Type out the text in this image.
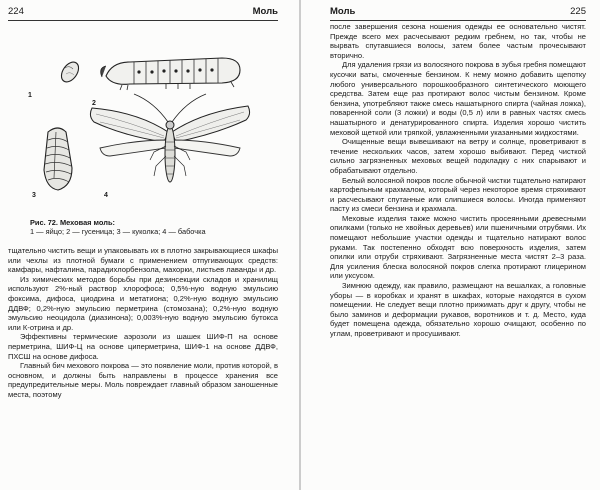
224	Моль
1
2
3	4
Рис. 72. Меховая моль:
1 — яйцо; 2 — гусеница; 3 — куколка; 4 — бабочка

тщательно чистить вещи и упаковывать их в плотно закрывающиеся шкафы или чехлы из плотной бумаги с применением отпугивающих средств: камфары, нафталина, парадихлорбензола, махорки, листьев лаванды и др.

Из химических методов борьбы при дезинсекции складов и хранилищ используют 2%-ный раствор хлорофоса; 0,5%-ную водную эмульсию фоксима, дифоса, циодрина и метатиона; 0,2%-ную водную эмульсию ДДВФ; 0,2%-ную эмульсию перметрина (стомозана); 0,2%-ную водную эмульсию неоцидола (диазинона); 0,003%-ную водную эмульсию бутокса или К-отрина и др.

Эффективны термические аэрозоли из шашек ШИФ-П на основе перметрина, ШИФ-Ц на основе циперметрина, ШИФ-1 на основе ДДВФ, ПХСШ на основе дифоса.

Главный бич мехового покрова — это появление моли, против которой, в основном, и должны быть направлены в процессе хранения все предупредительные меры. Моль повреждает главный образом заношенные места, поэтому

Моль	225

после завершения сезона ношения одежды ее основательно чистят. Прежде всего мех расчесывают редким гребнем, но так, чтобы не вырвать спутавшиеся волосы, затем более частым прочесывают вторично.

Для удаления грязи из волосяного покрова в зубья гребня помещают кусочки ваты, смоченные бензином. К нему можно добавить щепотку любого универсального порошкообразного синтетического моющего средства. Затем еще раз протирают волос чистым бензином. Кроме бензина, употребляют также смесь нашатырного спирта (чайная ложка), поваренной соли (3 ложки) и воды (0,5 л) или в равных частях смесь нашатырного и денатурированного спирта. Изделия хорошо чистить меховой щеткой или тряпкой, увлажненными указанными жидкостями.

Очищенные вещи вывешивают на ветру и солнце, проветривают в течение нескольких часов, затем хорошо выбивают. Перед чисткой сильно загрязненных меховых вещей подкладку с них спарывают и обрабатывают отдельно.

Белый волосяной покров после обычной чистки тщательно натирают картофельным крахмалом, который через некоторое время стряхивают и расчесывают спутанные или слипшиеся волосы. Иногда применяют пасту из смеси бензина и крахмала.

Меховые изделия также можно чистить просеянными древесными опилками (только не хвойных деревьев) или пшеничными отрубями. Их помещают небольшие участки одежды и тщательно натирают волос руками. Так постепенно обходят всю поверхность изделия, затем опилки или отруби стряхивают. Загрязненные места чистят 2–3 раза. Для усиления блеска волосяной покров слегка протирают глицерином или уксусом.

Зимнюю одежду, как правило, размещают на вешалках, а головные уборы — в коробках и хранят в шкафах, которые находятся в сухом помещении. Не следует вещи плотно прижимать друг к другу, чтобы не было заминов и деформации рукавов, воротников и т. д. Место, куда будет помещена одежда, обязательно хорошо очищают, особенно по углам, проветривают и просушивают.
